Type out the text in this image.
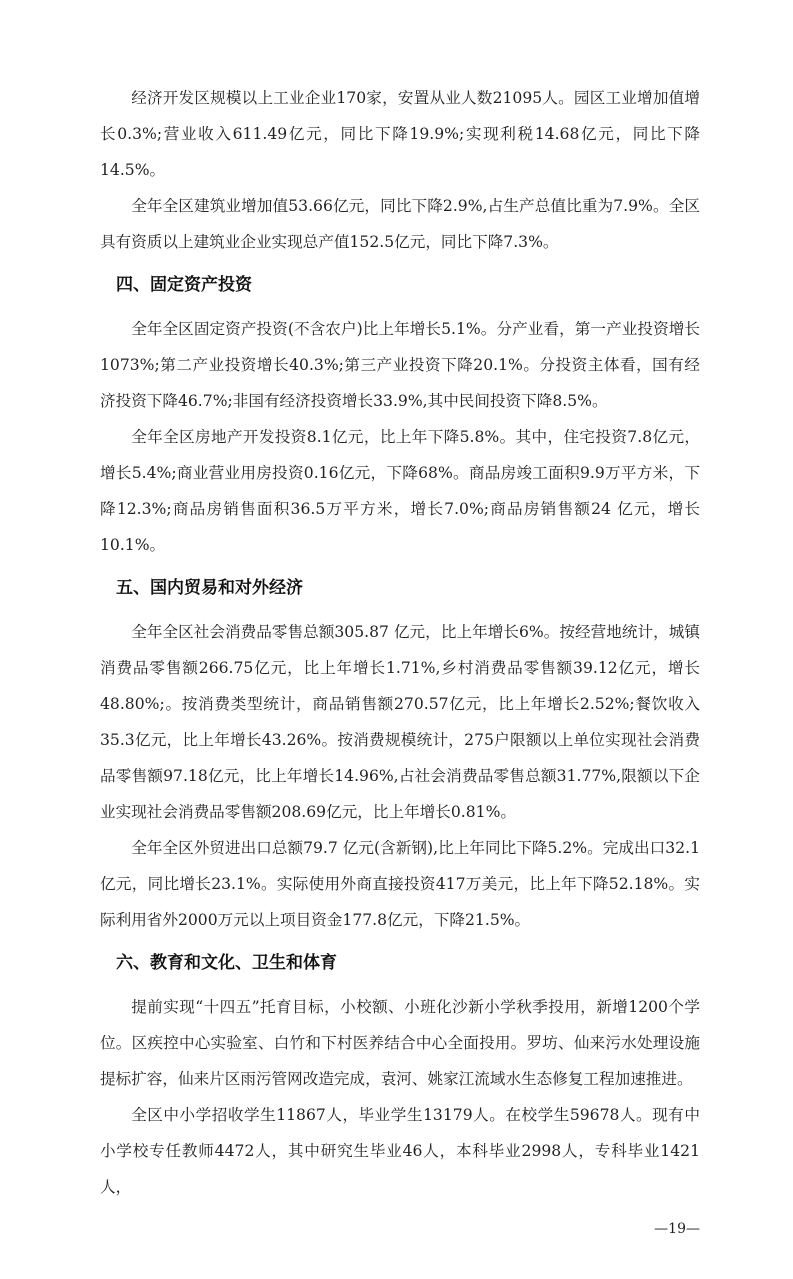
经济开发区规模以上工业企业170家，安置从业人数21095人。园区工业增加值增长0.3%;营业收入611.49亿元，同比下降19.9%;实现利税14.68亿元，同比下降14.5%。

全年全区建筑业增加值53.66亿元，同比下降2.9%,占生产总值比重为7.9%。全区具有资质以上建筑业企业实现总产值152.5亿元，同比下降7.3%。

四、固定资产投资

全年全区固定资产投资(不含农户)比上年增长5.1%。分产业看，第一产业投资增长1073%;第二产业投资增长40.3%;第三产业投资下降20.1%。分投资主体看，国有经济投资下降46.7%;非国有经济投资增长33.9%,其中民间投资下降8.5%。

全年全区房地产开发投资8.1亿元，比上年下降5.8%。其中，住宅投资7.8亿元，增长5.4%;商业营业用房投资0.16亿元，下降68%。商品房竣工面积9.9万平方米，下降12.3%;商品房销售面积36.5万平方米，增长7.0%;商品房销售额24 亿元，增长10.1%。

五、国内贸易和对外经济

全年全区社会消费品零售总额305.87 亿元，比上年增长6%。按经营地统计，城镇消费品零售额266.75亿元，比上年增长1.71%,乡村消费品零售额39.12亿元，增长48.80%;。按消费类型统计，商品销售额270.57亿元，比上年增长2.52%;餐饮收入35.3亿元，比上年增长43.26%。按消费规模统计，275户限额以上单位实现社会消费品零售额97.18亿元，比上年增长14.96%,占社会消费品零售总额31.77%,限额以下企业实现社会消费品零售额208.69亿元，比上年增长0.81%。

全年全区外贸进出口总额79.7 亿元(含新钢),比上年同比下降5.2%。完成出口32.1亿元，同比增长23.1%。实际使用外商直接投资417万美元，比上年下降52.18%。实际利用省外2000万元以上项目资金177.8亿元，下降21.5%。

六、教育和文化、卫生和体育

提前实现“十四五”托育目标，小校额、小班化沙新小学秋季投用，新增1200个学位。区疾控中心实验室、白竹和下村医养结合中心全面投用。罗坊、仙来污水处理设施提标扩容，仙来片区雨污管网改造完成，袁河、姚家江流域水生态修复工程加速推进。

全区中小学招收学生11867人，毕业学生13179人。在校学生59678人。现有中小学校专任教师4472人，其中研究生毕业46人，本科毕业2998人，专科毕业1421人，

—19—
